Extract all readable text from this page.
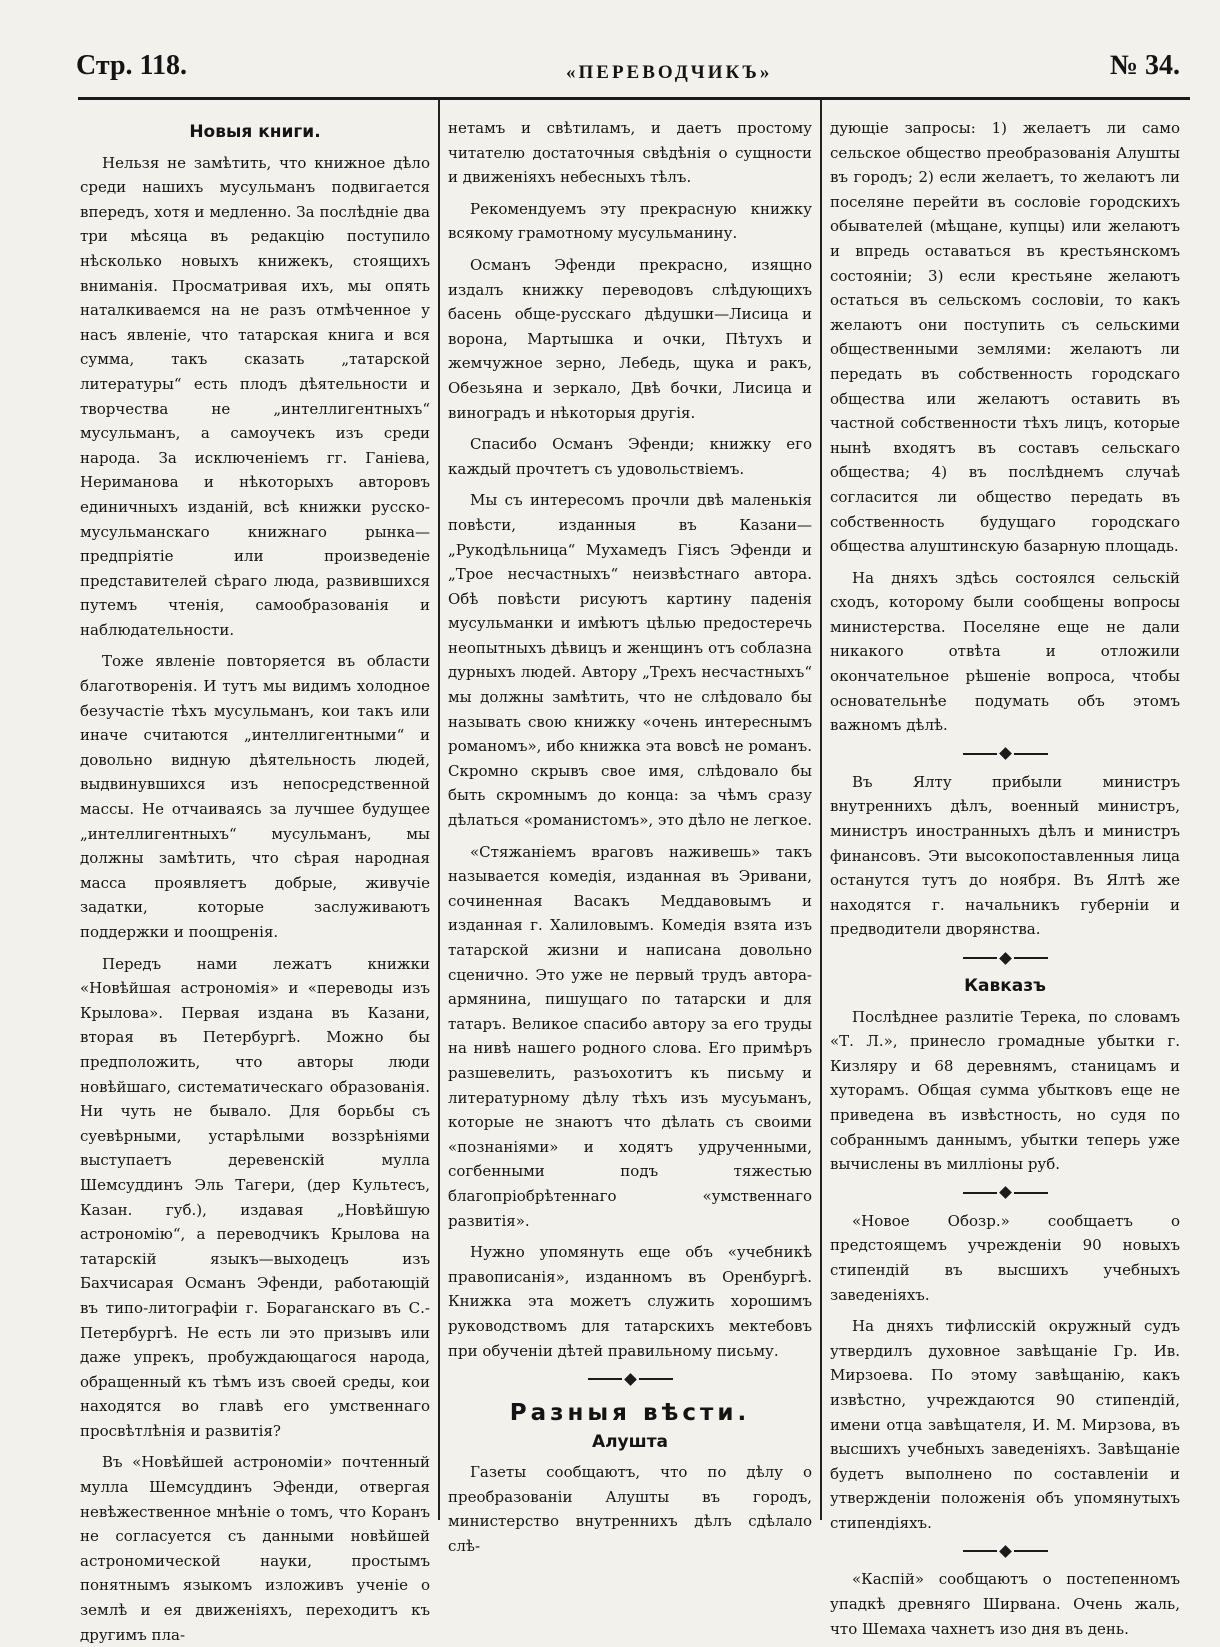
Стр. 118.	«ПЕРЕВОДЧИКЪ»	№ 34.
Новыя книги.

Нельзя не замѣтить, что книжное дѣло среди нашихъ мусульманъ подвигается впередъ, хотя и медленно. За послѣдніе два три мѣсяца въ редакцію поступило нѣсколько новыхъ книжекъ, стоящихъ вниманія. Просматривая ихъ, мы опять наталкиваемся на не разъ отмѣченное у насъ явленіе, что татарская книга и вся сумма, такъ сказать „татарской литературы“ есть плодъ дѣятельности и творчества не „интеллигентныхъ“ мусульманъ, а самоучекъ изъ среди народа. За исключеніемъ гг. Ганіева, Нериманова и нѣкоторыхъ авторовъ единичныхъ изданій, всѣ книжки русско-мусульманскаго книжнаго рынка—предпріятіе или произведеніе представителей сѣраго люда, развившихся путемъ чтенія, самообразованія и наблюдательности.

Тоже явленіе повторяется въ области благотворенія. И тутъ мы видимъ холодное безучастіе тѣхъ мусульманъ, кои такъ или иначе считаются „интеллигентными“ и довольно видную дѣятельность людей, выдвинувшихся изъ непосредственной массы. Не отчаиваясь за лучшее будущее „интеллигентныхъ“ мусульманъ, мы должны замѣтить, что сѣрая народная масса проявляетъ добрые, живучіе задатки, которые заслуживаютъ поддержки и поощренія.

Передъ нами лежатъ книжки «Новѣйшая астрономія» и «переводы изъ Крылова». Первая издана въ Казани, вторая въ Петербургѣ. Можно бы предположить, что авторы люди новѣйшаго, систематическаго образованія. Ни чуть не бывало. Для борьбы съ суевѣрными, устарѣлыми воззрѣніями выступаетъ деревенскій мулла Шемсуддинъ Эль Тагери, (дер Культесъ, Казан. губ.), издавая „Новѣйшую астрономію“, а переводчикъ Крылова на татарскій языкъ—выходецъ изъ Бахчисарая Османъ Эфенди, работающій въ типо-литографіи г. Бораганскаго въ С.-Петербургѣ. Не есть ли это призывъ или даже упрекъ, пробуждающагося народа, обращенный къ тѣмъ изъ своей среды, кои находятся во главѣ его умственнаго просвѣтлѣнія и развитія?

Въ «Новѣйшей астрономіи» почтенный мулла Шемсуддинъ Эфенди, отвергая невѣжественное мнѣніе о томъ, что Коранъ не согласуется съ данными новѣйшей астрономической науки, простымъ понятнымъ языкомъ изложивъ ученіе о землѣ и ея движеніяхъ, переходитъ къ другимъ пла-

нетамъ и свѣтиламъ, и даетъ простому читателю достаточныя свѣдѣнія о сущности и движеніяхъ небесныхъ тѣлъ.

Рекомендуемъ эту прекрасную книжку всякому грамотному мусульманину.

Османъ Эфенди прекрасно, изящно издалъ книжку переводовъ слѣдующихъ басень обще-русскаго дѣдушки—Лисица и ворона, Мартышка и очки, Пѣтухъ и жемчужное зерно, Лебедь, щука и ракъ, Обезьяна и зеркало, Двѣ бочки, Лисица и виноградъ и нѣкоторыя другія.

Спасибо Османъ Эфенди; книжку его каждый прочтетъ съ удовольствіемъ.

Мы съ интересомъ прочли двѣ маленькія повѣсти, изданныя въ Казани—„Рукодѣльница“ Мухамедъ Гіясъ Эфенди и „Трое несчастныхъ“ неизвѣстнаго автора. Обѣ повѣсти рисуютъ картину паденія мусульманки и имѣютъ цѣлью предостеречь неопытныхъ дѣвицъ и женщинъ отъ соблазна дурныхъ людей. Автору „Трехъ несчастныхъ“ мы должны замѣтить, что не слѣдовало бы называть свою книжку «очень интереснымъ романомъ», ибо книжка эта вовсѣ не романъ. Скромно скрывъ свое имя, слѣдовало бы быть скромнымъ до конца: за чѣмъ сразу дѣлаться «романистомъ», это дѣло не легкое.

«Стяжаніемъ враговъ наживешь» такъ называется комедія, изданная въ Эривани, сочиненная Васакъ Меддавовымъ и изданная г. Халиловымъ. Комедія взята изъ татарской жизни и написана довольно сценично. Это уже не первый трудъ автора-армянина, пишущаго по татарски и для татаръ. Великое спасибо автору за его труды на нивѣ нашего родного слова. Его примѣръ разшевелить, разъохотитъ къ письму и литературному дѣлу тѣхъ изъ мусуьманъ, которые не знаютъ что дѣлать съ своими «познаніями» и ходятъ удрученными, согбенными подъ тяжестью благопріобрѣтеннаго «умственнаго развитія».

Нужно упомянуть еще объ «учебникѣ правописанія», изданномъ въ Оренбургѣ. Книжка эта можетъ служить хорошимъ руководствомъ для татарскихъ мектебовъ при обученіи дѣтей правильному письму.

Разныя вѣсти.
Алушта

Газеты сообщаютъ, что по дѣлу о преобразованіи Алушты въ городъ, министерство внутреннихъ дѣлъ сдѣлало слѣ-

дующіе запросы: 1) желаетъ ли само сельское общество преобразованія Алушты въ городъ; 2) если желаетъ, то желаютъ ли поселяне перейти въ сословіе городскихъ обывателей (мѣщане, купцы) или желаютъ и впредь оставаться въ крестьянскомъ состояніи; 3) если крестьяне желаютъ остаться въ сельскомъ сословіи, то какъ желаютъ они поступить съ сельскими общественными землями: желаютъ ли передать въ собственность городскаго общества или желаютъ оставить въ частной собственности тѣхъ лицъ, которые нынѣ входятъ въ составъ сельскаго общества; 4) въ послѣднемъ случаѣ согласится ли общество передать въ собственность будущаго городскаго общества алуштинскую базарную площадь.

На дняхъ здѣсь состоялся сельскій сходъ, которому были сообщены вопросы министерства. Поселяне еще не дали никакого отвѣта и отложили окончательное рѣшеніе вопроса, чтобы основательнѣе подумать объ этомъ важномъ дѣлѣ.

Въ Ялту прибыли министръ внутреннихъ дѣлъ, военный министръ, министръ иностранныхъ дѣлъ и министръ финансовъ. Эти высокопоставленныя лица останутся тутъ до ноября. Въ Ялтѣ же находятся г. начальникъ губерніи и предводители дворянства.

Кавказъ

Послѣднее разлитіе Терека, по словамъ «Т. Л.», принесло громадные убытки г. Кизляру и 68 деревнямъ, станицамъ и хуторамъ. Общая сумма убытковъ еще не приведена въ извѣстность, но судя по собраннымъ даннымъ, убытки теперь уже вычислены въ милліоны руб.

«Новое Обозр.» сообщаетъ о предстоящемъ учрежденіи 90 новыхъ стипендій въ высшихъ учебныхъ заведеніяхъ.

На дняхъ тифлисскій окружный судъ утвердилъ духовное завѣщаніе Гр. Ив. Мирзоева. По этому завѣщанію, какъ извѣстно, учреждаются 90 стипендій, имени отца завѣщателя, И. М. Мирзова, въ высшихъ учебныхъ заведеніяхъ. Завѣщаніе будетъ выполнено по составленіи и утвержденіи положенія объ упомянутыхъ стипендіяхъ.

«Каспій» сообщаютъ о постепенномъ упадкѣ древняго Ширвана. Очень жаль, что Шемаха чахнетъ изо дня въ день.
